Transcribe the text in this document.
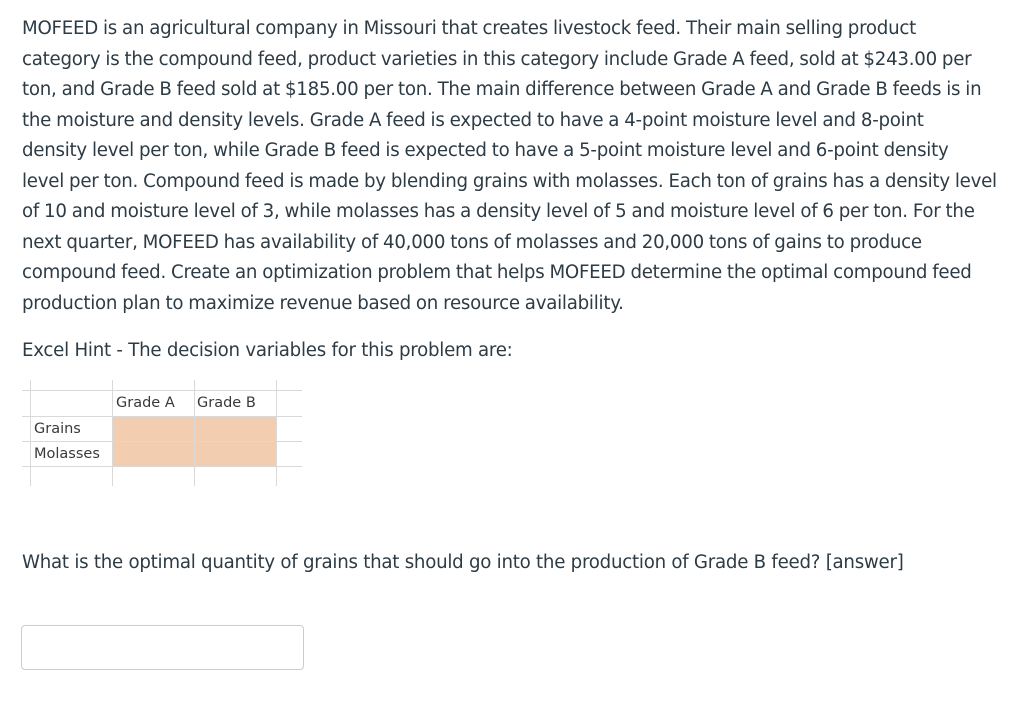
MOFEED is an agricultural company in Missouri that creates livestock feed. Their main selling product

category is the compound feed, product varieties in this category include Grade A feed, sold at $243.00 per

ton, and Grade B feed sold at $185.00 per ton. The main difference between Grade A and Grade B feeds is in

the moisture and density levels. Grade A feed is expected to have a 4-point moisture level and 8-point

density level per ton, while Grade B feed is expected to have a 5-point moisture level and 6-point density

level per ton. Compound feed is made by blending grains with molasses. Each ton of grains has a density level

of 10 and moisture level of 3, while molasses has a density level of 5 and moisture level of 6 per ton. For the

next quarter, MOFEED has availability of 40,000 tons of molasses and 20,000 tons of gains to produce

compound feed. Create an optimization problem that helps MOFEED determine the optimal compound feed

production plan to maximize revenue based on resource availability.

Excel Hint - The decision variables for this problem are:

Grade A Grade B
Grains
Molasses

What is the optimal quantity of grains that should go into the production of Grade B feed? [answer]
